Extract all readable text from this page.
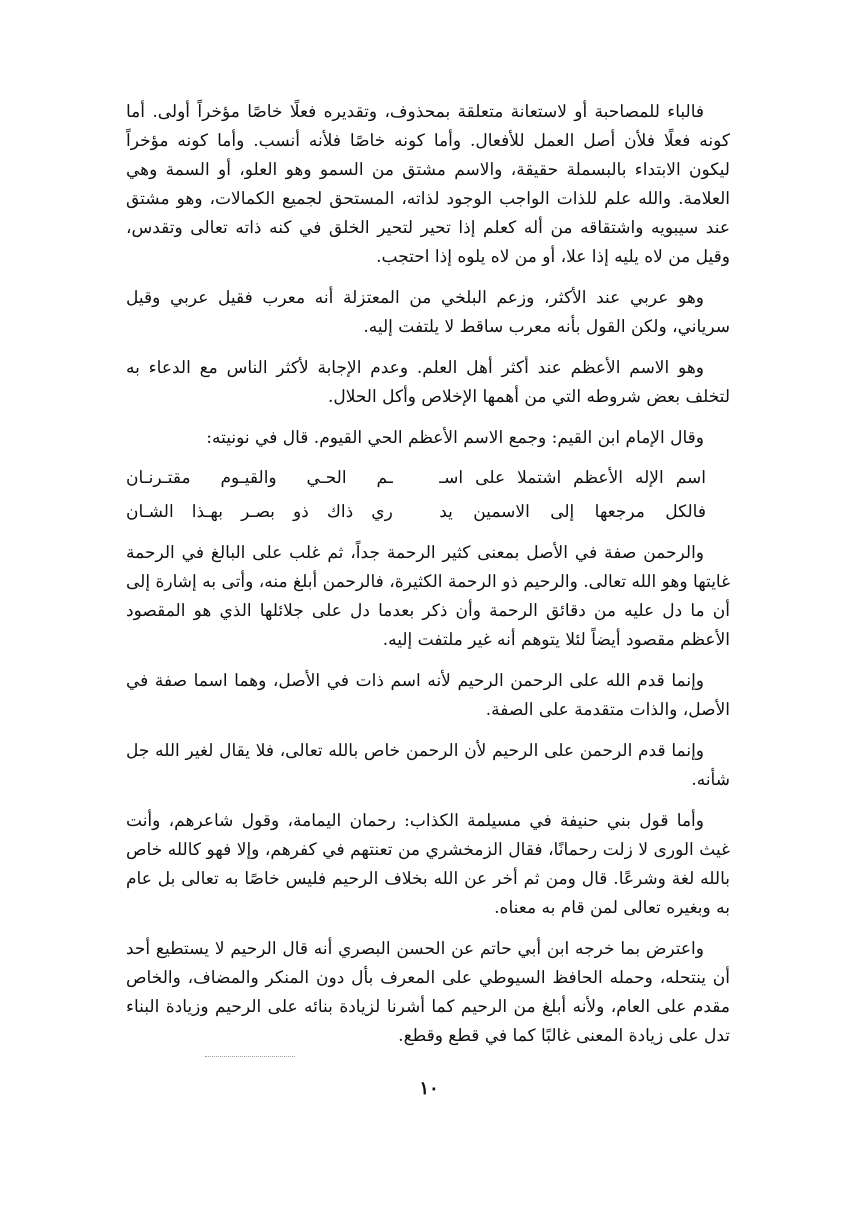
فالباء للمصاحبة أو لاستعانة متعلقة بمحذوف، وتقديره فعلًا خاصًا مؤخراً أولى. أما كونه فعلًا فلأن أصل العمل للأفعال. وأما كونه خاصًا فلأنه أنسب. وأما كونه مؤخراً ليكون الابتداء بالبسملة حقيقة، والاسم مشتق من السمو وهو العلو، أو السمة وهي العلامة. والله علم للذات الواجب الوجود لذاته، المستحق لجميع الكمالات، وهو مشتق عند سيبويه واشتقاقه من أله كعلم إذا تحير لتحير الخلق في كنه ذاته تعالى وتقدس، وقيل من لاه يليه إذا علا، أو من لاه يلوه إذا احتجب.

وهو عربي عند الأكثر، وزعم البلخي من المعتزلة أنه معرب فقيل عربي وقيل سرياني، ولكن القول بأنه معرب ساقط لا يلتفت إليه.

وهو الاسم الأعظم عند أكثر أهل العلم. وعدم الإجابة لأكثر الناس مع الدعاء به لتخلف بعض شروطه التي من أهمها الإخلاص وأكل الحلال.

وقال الإمام ابن القيم: وجمع الاسم الأعظم الحي القيوم. قال في نونيته:

اسم الإله الأعظم اشتملا على اسـ
ـم الحـي والقيـوم مقتـرنـان
فالكل مرجعها إلى الاسمين يد
ري ذاك ذو بصـر بهـذا الشـان

والرحمن صفة في الأصل بمعنى كثير الرحمة جداً، ثم غلب على البالغ في الرحمة غايتها وهو الله تعالى. والرحيم ذو الرحمة الكثيرة، فالرحمن أبلغ منه، وأتى به إشارة إلى أن ما دل عليه من دقائق الرحمة وأن ذكر بعدما دل على جلائلها الذي هو المقصود الأعظم مقصود أيضاً لئلا يتوهم أنه غير ملتفت إليه.

وإنما قدم الله على الرحمن الرحيم لأنه اسم ذات في الأصل، وهما اسما صفة في الأصل، والذات متقدمة على الصفة.

وإنما قدم الرحمن على الرحيم لأن الرحمن خاص بالله تعالى، فلا يقال لغير الله جل شأنه.

وأما قول بني حنيفة في مسيلمة الكذاب: رحمان اليمامة، وقول شاعرهم، وأنت غيث الورى لا زلت رحمانًا، فقال الزمخشري من تعنتهم في كفرهم، وإلا فهو كالله خاص بالله لغة وشرعًا. قال ومن ثم أخر عن الله بخلاف الرحيم فليس خاصًا به تعالى بل عام به وبغيره تعالى لمن قام به معناه.

واعترض بما خرجه ابن أبي حاتم عن الحسن البصري أنه قال الرحيم لا يستطيع أحد أن ينتحله، وحمله الحافظ السيوطي على المعرف بأل دون المنكر والمضاف، والخاص مقدم على العام، ولأنه أبلغ من الرحيم كما أشرنا لزيادة بنائه على الرحيم وزيادة البناء تدل على زيادة المعنى غالبًا كما في قطع وقطع.

١٠
